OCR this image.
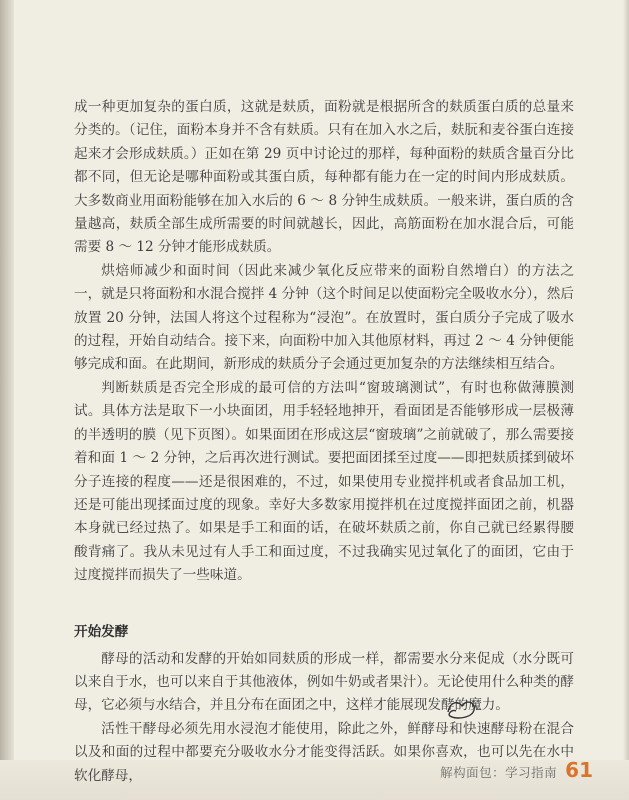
成一种更加复杂的蛋白质，这就是麸质，面粉就是根据所含的麸质蛋白质的总量来分类的。（记住，面粉本身并不含有麸质。只有在加入水之后，麸朊和麦谷蛋白连接起来才会形成麸质。）正如在第 29 页中讨论过的那样，每种面粉的麸质含量百分比都不同，但无论是哪种面粉或其蛋白质，每种都有能力在一定的时间内形成麸质。大多数商业用面粉能够在加入水后的 6 ～ 8 分钟生成麸质。一般来讲，蛋白质的含量越高，麸质全部生成所需要的时间就越长，因此，高筋面粉在加水混合后，可能需要 8 ～ 12 分钟才能形成麸质。

烘焙师减少和面时间（因此来减少氧化反应带来的面粉自然增白）的方法之一，就是只将面粉和水混合搅拌 4 分钟（这个时间足以使面粉完全吸收水分），然后放置 20 分钟，法国人将这个过程称为“浸泡”。在放置时，蛋白质分子完成了吸水的过程，开始自动结合。接下来，向面粉中加入其他原材料，再过 2 ～ 4 分钟便能够完成和面。在此期间，新形成的麸质分子会通过更加复杂的方法继续相互结合。

判断麸质是否完全形成的最可信的方法叫“窗玻璃测试”，有时也称做薄膜测试。具体方法是取下一小块面团，用手轻轻地抻开，看面团是否能够形成一层极薄的半透明的膜（见下页图）。如果面团在形成这层“窗玻璃”之前就破了，那么需要接着和面 1 ～ 2 分钟，之后再次进行测试。要把面团揉至过度——即把麸质揉到破坏分子连接的程度——还是很困难的，不过，如果使用专业搅拌机或者食品加工机，还是可能出现揉面过度的现象。幸好大多数家用搅拌机在过度搅拌面团之前，机器本身就已经过热了。如果是手工和面的话，在破坏麸质之前，你自己就已经累得腰酸背痛了。我从未见过有人手工和面过度，不过我确实见过氧化了的面团，它由于过度搅拌而损失了一些味道。

开始发酵

酵母的活动和发酵的开始如同麸质的形成一样，都需要水分来促成（水分既可以来自于水，也可以来自于其他液体，例如牛奶或者果汁）。无论使用什么种类的酵母，它必须与水结合，并且分布在面团之中，这样才能展现发酵的魔力。

活性干酵母必须先用水浸泡才能使用，除此之外，鲜酵母和快速酵母粉在混合以及和面的过程中都要充分吸收水分才能变得活跃。如果你喜欢，也可以先在水中软化酵母，	解构面包：学习指南 61
